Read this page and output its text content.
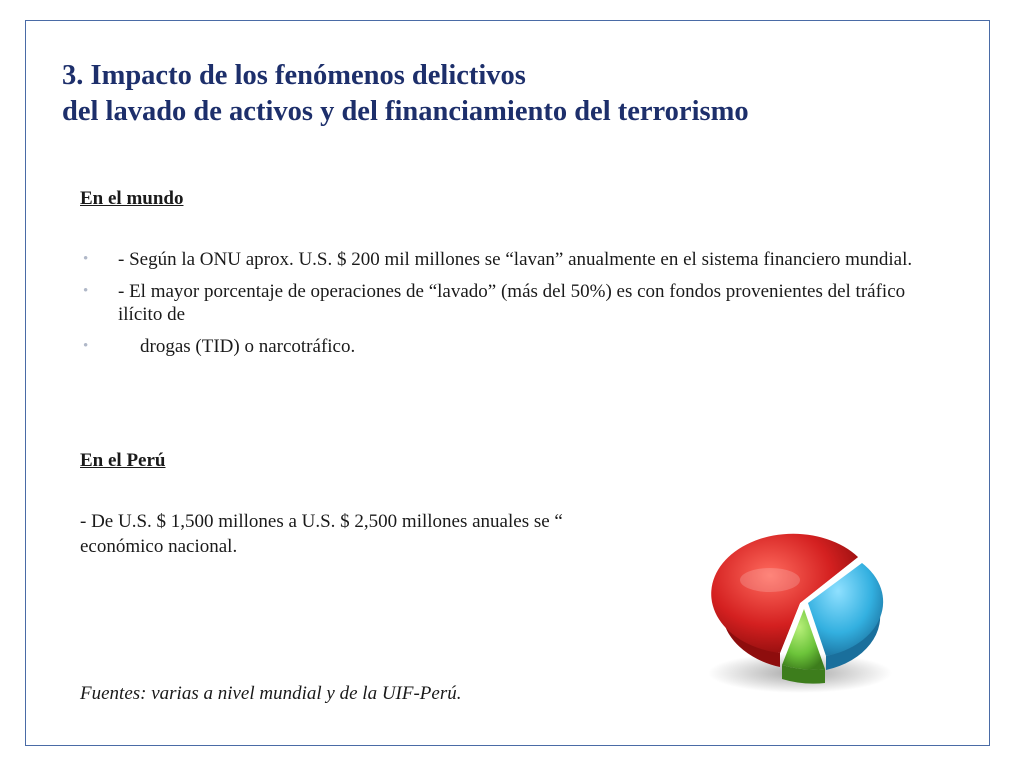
3. Impacto de los fenómenos delictivos
del lavado de activos y del financiamiento del terrorismo

En el mundo

• - Según la ONU aprox. U.S. $ 200 mil millones se “lavan” anualmente en el sistema financiero mundial.
• - El mayor porcentaje de operaciones de “lavado” (más del 50%) es con fondos provenientes del tráfico ilícito de
•	drogas (TID) o narcotráfico.

En el Perú

- De U.S. $ 1,500 millones a U.S. $ 2,500 millones anuales se “
económico nacional.

Fuentes: varias a nivel mundial y de la UIF-Perú.
